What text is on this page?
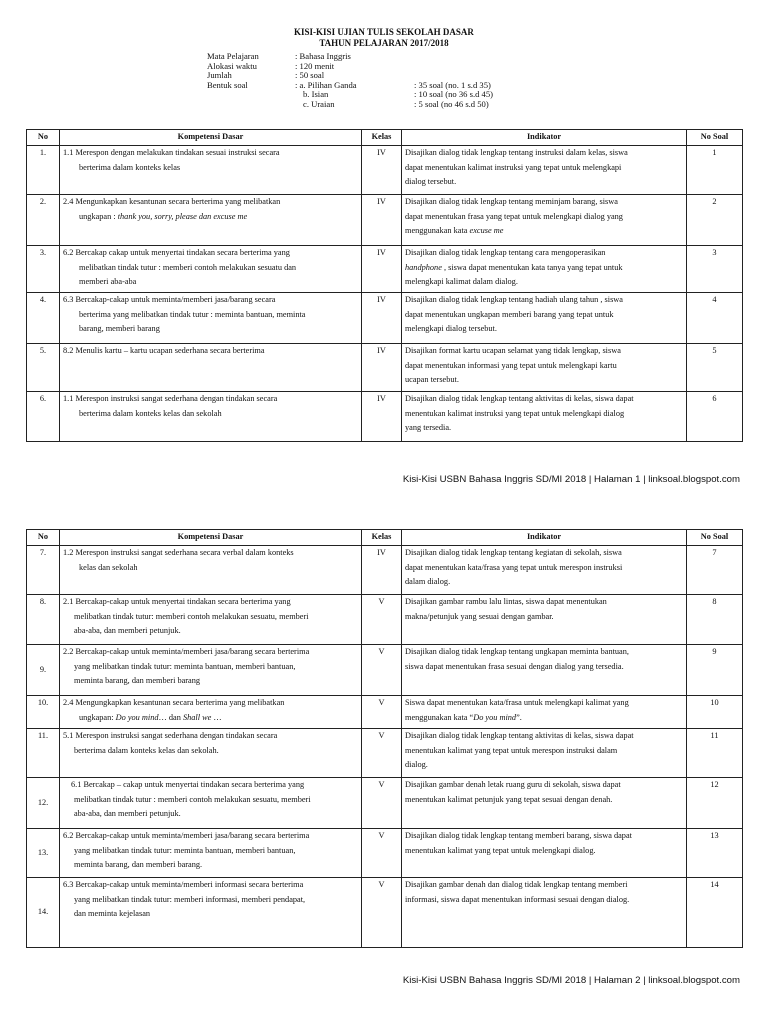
KISI-KISI UJIAN TULIS SEKOLAH DASAR
TAHUN PELAJARAN 2017/2018
Mata Pelajaran	: Bahasa Inggris
Alokasi waktu	: 120 menit
Jumlah	: 50 soal
Bentuk soal	: a. Pilihan Ganda	: 35 soal (no. 1 s.d 35)
b. Isian	: 10 soal (no 36 s.d 45)
c. Uraian	: 5 soal (no 46 s.d 50)
No	Kompetensi Dasar	Kelas	Indikator	No Soal
1.	1.1 Merespon dengan melakukan tindakan sesuai instruksi secara
berterima dalam konteks kelas	IV	Disajikan dialog tidak lengkap tentang instruksi dalam kelas, siswa
dapat menentukan kalimat instruksi yang tepat untuk melengkapi
dialog tersebut.	1
2.	2.4 Mengunkapkan kesantunan secara berterima yang melibatkan
ungkapan : thank you, sorry, please dan excuse me	IV	Disajikan dialog tidak lengkap tentang meminjam barang, siswa
dapat menentukan frasa yang tepat untuk melengkapi dialog yang
menggunakan kata excuse me	2
3.	6.2 Bercakap cakap untuk menyertai tindakan secara berterima yang
melibatkan tindak tutur : memberi contoh melakukan sesuatu dan
memberi aba-aba	IV	Disajikan dialog tidak lengkap tentang cara mengoperasikan
handphone , siswa dapat menentukan kata tanya yang tepat untuk
melengkapi kalimat dalam dialog.	3
4.	6.3 Bercakap-cakap untuk meminta/memberi jasa/barang secara
berterima yang melibatkan tindak tutur : meminta bantuan, meminta
barang, memberi barang	IV	Disajikan dialog tidak lengkap tentang hadiah ulang tahun , siswa
dapat menentukan ungkapan memberi barang yang tepat untuk
melengkapi dialog tersebut.	4
5.	8.2 Menulis kartu – kartu ucapan sederhana secara berterima	IV	Disajikan format kartu ucapan selamat yang tidak lengkap, siswa
dapat menentukan informasi yang tepat untuk melengkapi kartu
ucapan tersebut.	5
6.	1.1 Merespon instruksi sangat sederhana dengan tindakan secara
berterima dalam konteks kelas dan sekolah	IV	Disajikan dialog tidak lengkap tentang aktivitas di kelas, siswa dapat
menentukan kalimat instruksi yang tepat untuk melengkapi dialog
yang tersedia.	6
Kisi-Kisi USBN Bahasa Inggris SD/MI 2018 | Halaman 1 | linksoal.blogspot.com
No	Kompetensi Dasar	Kelas	Indikator	No Soal
7.	1.2 Merespon instruksi sangat sederhana secara verbal dalam konteks
kelas dan sekolah	IV	Disajikan dialog tidak lengkap tentang kegiatan di sekolah, siswa
dapat menentukan kata/frasa yang tepat untuk merespon instruksi
dalam dialog.	7
8.	2.1 Bercakap-cakap untuk menyertai tindakan secara berterima yang
melibatkan tindak tutur: memberi contoh melakukan sesuatu, memberi
aba-aba, dan memberi petunjuk.	V	Disajikan gambar rambu lalu lintas, siswa dapat menentukan
makna/petunjuk yang sesuai dengan gambar.	8
9.	2.2 Bercakap-cakap untuk meminta/memberi jasa/barang secara berterima
yang melibatkan tindak tutur: meminta bantuan, memberi bantuan,
meminta barang, dan memberi barang	V	Disajikan dialog tidak lengkap tentang ungkapan meminta bantuan,
siswa dapat menentukan frasa sesuai dengan dialog yang tersedia.	9
10.	2.4 Mengungkapkan kesantunan secara berterima yang melibatkan
ungkapan: Do you mind… dan Shall we …	V	Siswa dapat menentukan kata/frasa untuk melengkapi kalimat yang
menggunakan kata “Do you mind”.	10
11.	5.1 Merespon instruksi sangat sederhana dengan tindakan secara
berterima dalam konteks kelas dan sekolah.	V	Disajikan dialog tidak lengkap tentang aktivitas di kelas, siswa dapat
menentukan kalimat yang tepat untuk merespon instruksi dalam
dialog.	11
12.	6.1 Bercakap – cakap untuk menyertai tindakan secara berterima yang
melibatkan tindak tutur : memberi contoh melakukan sesuatu, memberi
aba-aba, dan memberi petunjuk.	V	Disajikan gambar denah letak ruang guru di sekolah, siswa dapat
menentukan kalimat petunjuk yang tepat sesuai dengan denah.	12
13.	6.2 Bercakap-cakap untuk meminta/memberi jasa/barang secara berterima
yang melibatkan tindak tutur: meminta bantuan, memberi bantuan,
meminta barang, dan memberi barang.	V	Disajikan dialog tidak lengkap tentang memberi barang, siswa dapat
menentukan kalimat yang tepat untuk melengkapi dialog.	13
14.	6.3 Bercakap-cakap untuk meminta/memberi informasi secara berterima
yang melibatkan tindak tutur: memberi informasi, memberi pendapat,
dan meminta kejelasan	V	Disajikan gambar denah dan dialog tidak lengkap tentang memberi
informasi, siswa dapat menentukan informasi sesuai dengan dialog.	14
Kisi-Kisi USBN Bahasa Inggris SD/MI 2018 | Halaman 2 | linksoal.blogspot.com
